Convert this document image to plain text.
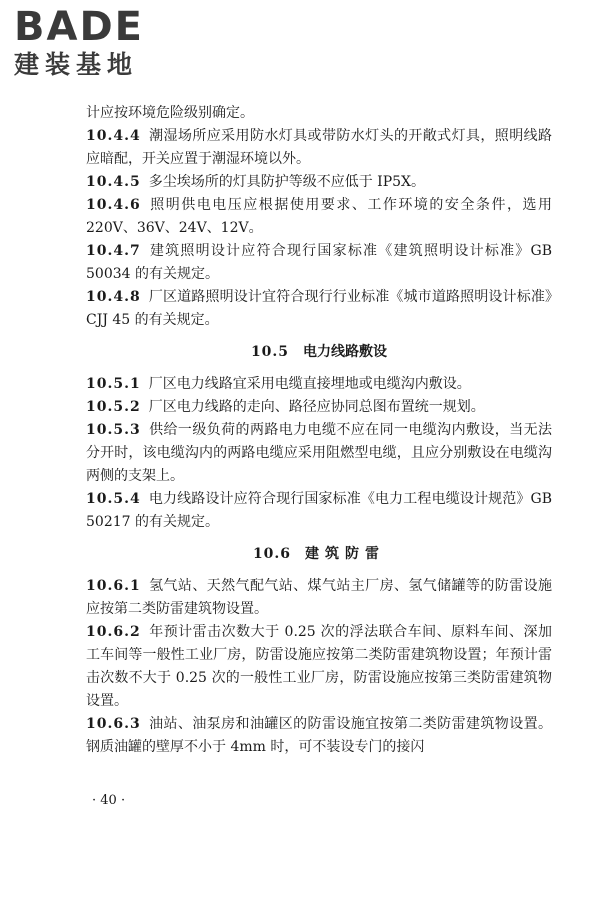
BADE
建装基地

计应按环境危险级别确定。

10.4.4 潮湿场所应采用防水灯具或带防水灯头的开敞式灯具，照明线路应暗配，开关应置于潮湿环境以外。

10.4.5 多尘埃场所的灯具防护等级不应低于 IP5X。

10.4.6 照明供电电压应根据使用要求、工作环境的安全条件，选用 220V、36V、24V、12V。

10.4.7 建筑照明设计应符合现行国家标准《建筑照明设计标准》GB 50034 的有关规定。

10.4.8 厂区道路照明设计宜符合现行行业标准《城市道路照明设计标准》CJJ 45 的有关规定。

10.5 电力线路敷设

10.5.1 厂区电力线路宜采用电缆直接埋地或电缆沟内敷设。

10.5.2 厂区电力线路的走向、路径应协同总图布置统一规划。

10.5.3 供给一级负荷的两路电力电缆不应在同一电缆沟内敷设，当无法分开时，该电缆沟内的两路电缆应采用阻燃型电缆，且应分别敷设在电缆沟两侧的支架上。

10.5.4 电力线路设计应符合现行国家标准《电力工程电缆设计规范》GB 50217 的有关规定。

10.6 建筑防雷

10.6.1 氢气站、天然气配气站、煤气站主厂房、氢气储罐等的防雷设施应按第二类防雷建筑物设置。

10.6.2 年预计雷击次数大于 0.25 次的浮法联合车间、原料车间、深加工车间等一般性工业厂房，防雷设施应按第二类防雷建筑物设置；年预计雷击次数不大于 0.25 次的一般性工业厂房，防雷设施应按第三类防雷建筑物设置。

10.6.3 油站、油泵房和油罐区的防雷设施宜按第二类防雷建筑物设置。钢质油罐的壁厚不小于 4mm 时，可不装设专门的接闪

· 40 ·
